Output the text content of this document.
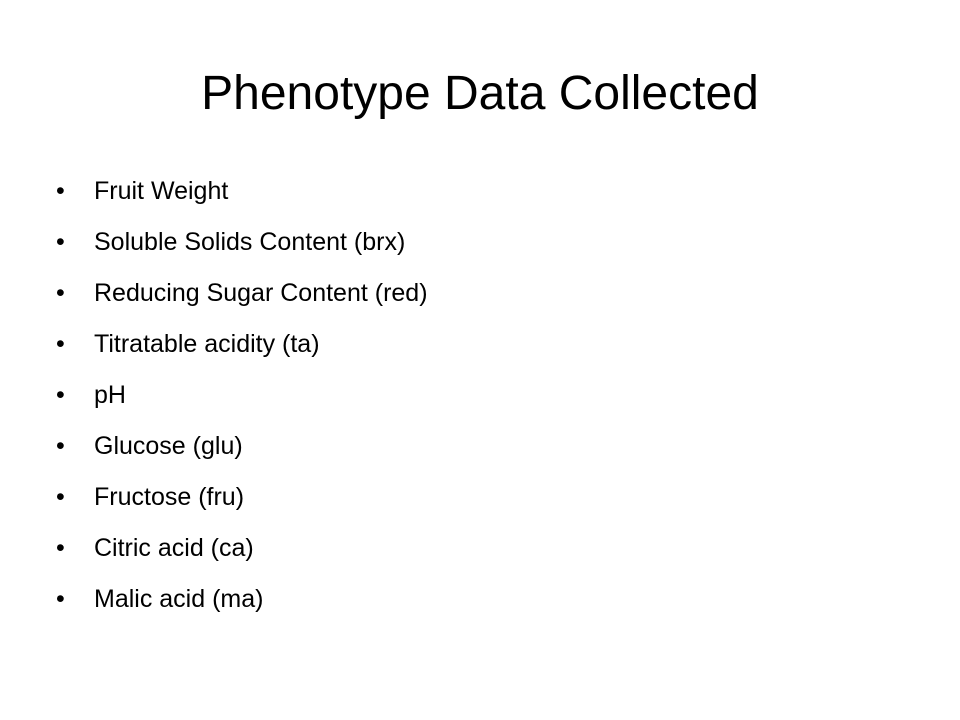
Phenotype Data Collected
•	Fruit Weight
•	Soluble Solids Content (brx)
•	Reducing Sugar Content (red)
•	Titratable acidity (ta)
•	pH
•	Glucose (glu)
•	Fructose (fru)
•	Citric acid (ca)
•	Malic acid (ma)
